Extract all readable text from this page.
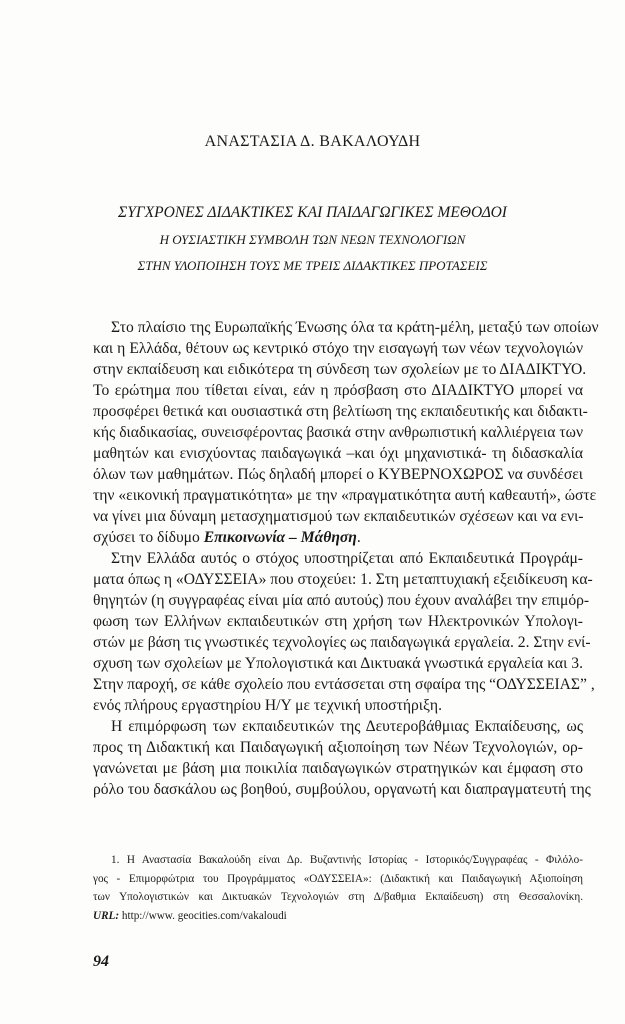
ΑΝΑΣΤΑΣΙΑ Δ. ΒΑΚΑΛΟΥΔΗ
ΣΥΓΧΡΟΝΕΣ ΔΙΔΑΚΤΙΚΕΣ ΚΑΙ ΠΑΙΔΑΓΩΓΙΚΕΣ ΜΕΘΟΔΟΙ
Η ΟΥΣΙΑΣΤΙΚΗ ΣΥΜΒΟΛΗ ΤΩΝ ΝΕΩΝ ΤΕΧΝΟΛΟΓΙΩΝ
ΣΤΗΝ ΥΛΟΠΟΙΗΣΗ ΤΟΥΣ ΜΕ ΤΡΕΙΣ ΔΙΔΑΚΤΙΚΕΣ ΠΡΟΤΑΣΕΙΣ
Στο πλαίσιο της Ευρωπαϊκής Ένωσης όλα τα κράτη-μέλη, μεταξύ των οποίων
και η Ελλάδα, θέτουν ως κεντρικό στόχο την εισαγωγή των νέων τεχνολογιών
στην εκπαίδευση και ειδικότερα τη σύνδεση των σχολείων με το ΔΙΑΔΙΚΤΥΟ.
Το ερώτημα που τίθεται είναι, εάν η πρόσβαση στο ΔΙΑΔΙΚΤΥΟ μπορεί να
προσφέρει θετικά και ουσιαστικά στη βελτίωση της εκπαιδευτικής και διδακτι-
κής διαδικασίας, συνεισφέροντας βασικά στην ανθρωπιστική καλλιέργεια των
μαθητών και ενισχύοντας παιδαγωγικά –και όχι μηχανιστικά- τη διδασκαλία
όλων των μαθημάτων. Πώς δηλαδή μπορεί ο ΚΥΒΕΡΝΟΧΩΡΟΣ να συνδέσει
την «εικονική πραγματικότητα» με την «πραγματικότητα αυτή καθεαυτή», ώστε
να γίνει μια δύναμη μετασχηματισμού των εκπαιδευτικών σχέσεων και να ενι-
σχύσει το δίδυμο Επικοινωνία – Μάθηση.
Στην Ελλάδα αυτός ο στόχος υποστηρίζεται από Εκπαιδευτικά Προγράμ-
ματα όπως η «ΟΔΥΣΣΕΙΑ» που στοχεύει: 1. Στη μεταπτυχιακή εξειδίκευση κα-
θηγητών (η συγγραφέας είναι μία από αυτούς) που έχουν αναλάβει την επιμόρ-
φωση των Ελλήνων εκπαιδευτικών στη χρήση των Ηλεκτρονικών Υπολογι-
στών με βάση τις γνωστικές τεχνολογίες ως παιδαγωγικά εργαλεία. 2. Στην ενί-
σχυση των σχολείων με Υπολογιστικά και Δικτυακά γνωστικά εργαλεία και 3.
Στην παροχή, σε κάθε σχολείο που εντάσσεται στη σφαίρα της “ΟΔΥΣΣΕΙΑΣ” ,
ενός πλήρους εργαστηρίου Η/Υ με τεχνική υποστήριξη.
Η επιμόρφωση των εκπαιδευτικών της Δευτεροβάθμιας Εκπαίδευσης, ως
προς τη Διδακτική και Παιδαγωγική αξιοποίηση των Νέων Τεχνολογιών, ορ-
γανώνεται με βάση μια ποικιλία παιδαγωγικών στρατηγικών και έμφαση στο
ρόλο του δασκάλου ως βοηθού, συμβούλου, οργανωτή και διαπραγματευτή της
1. Η Αναστασία Βακαλούδη είναι Δρ. Βυζαντινής Ιστορίας - Ιστορικός/Συγγραφέας - Φιλόλο-
γος - Επιμορφώτρια του Προγράμματος «ΟΔΥΣΣΕΙΑ»: (Διδακτική και Παιδαγωγική Αξιοποίηση
των Υπολογιστικών και Δικτυακών Τεχνολογιών στη Δ/βαθμια Εκπαίδευση) στη Θεσσαλονίκη.
URL: http://www. geocities.com/vakaloudi
94
